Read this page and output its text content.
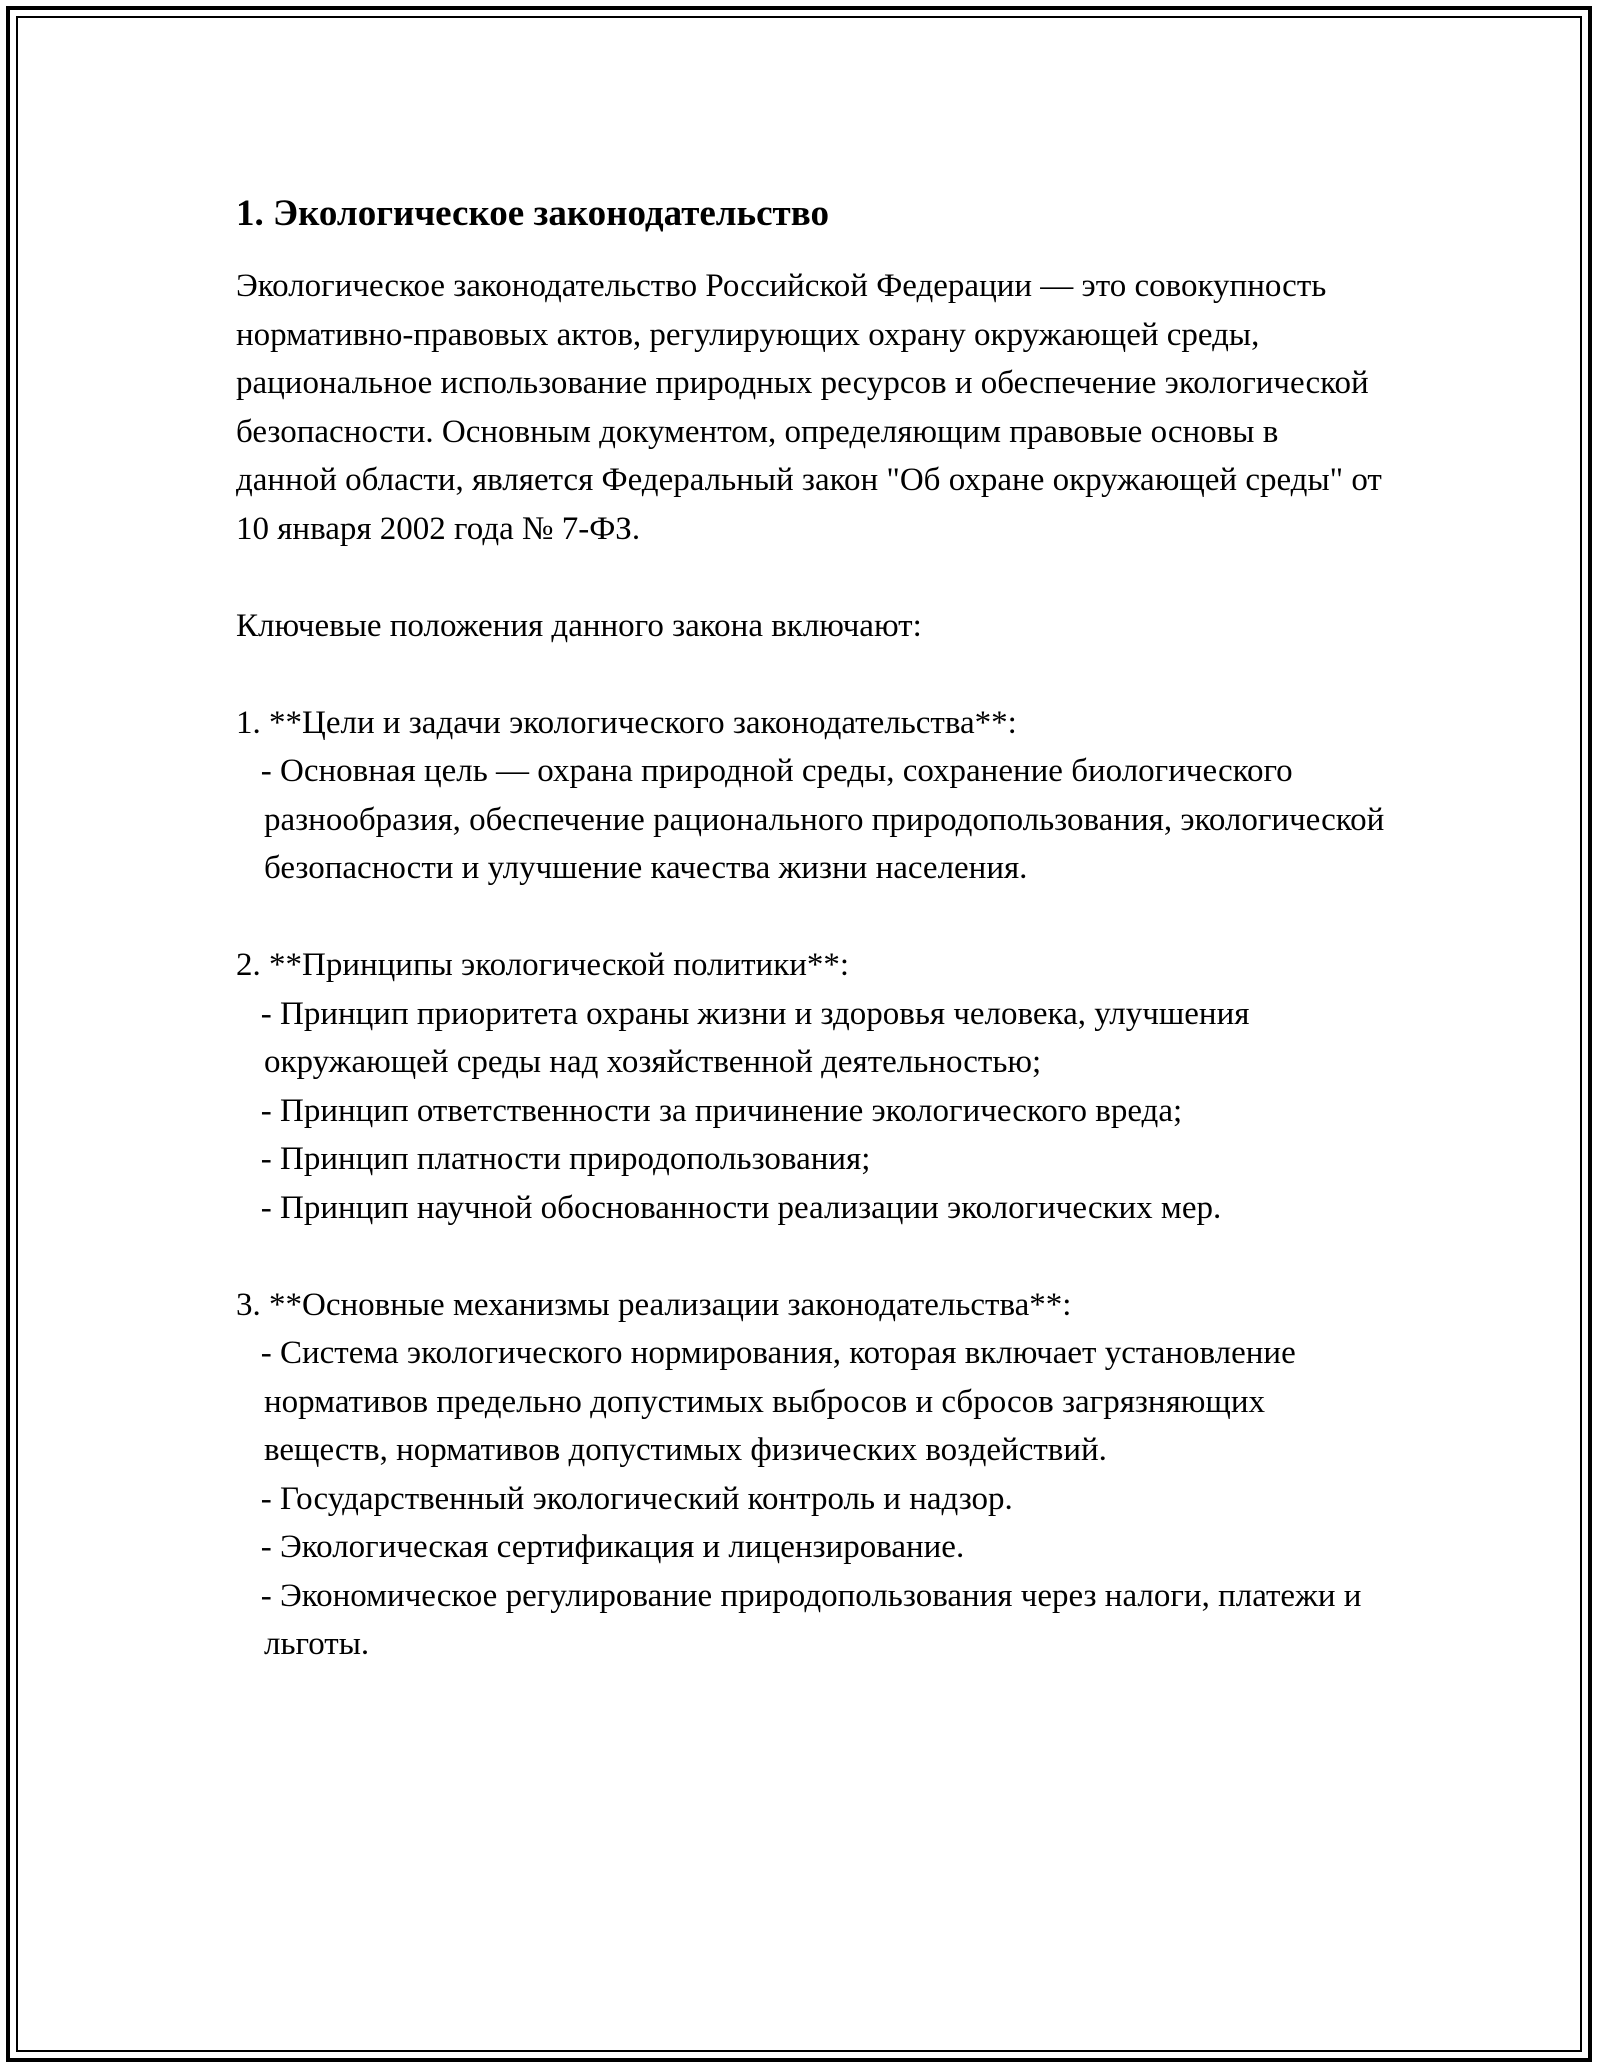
1. Экологическое законодательство

Экологическое законодательство Российской Федерации — это совокупность нормативно-правовых актов, регулирующих охрану окружающей среды, рациональное использование природных ресурсов и обеспечение экологической безопасности. Основным документом, определяющим правовые основы в данной области, является Федеральный закон "Об охране окружающей среды" от 10 января 2002 года № 7-ФЗ.

Ключевые положения данного закона включают:

1. **Цели и задачи экологического законодательства**:
- Основная цель — охрана природной среды, сохранение биологического разнообразия, обеспечение рационального природопользования, экологической безопасности и улучшение качества жизни населения.
2. **Принципы экологической политики**:
- Принцип приоритета охраны жизни и здоровья человека, улучшения окружающей среды над хозяйственной деятельностью;
- Принцип ответственности за причинение экологического вреда;
- Принцип платности природопользования;
- Принцип научной обоснованности реализации экологических мер.
3. **Основные механизмы реализации законодательства**:
- Система экологического нормирования, которая включает установление нормативов предельно допустимых выбросов и сбросов загрязняющих веществ, нормативов допустимых физических воздействий.
- Государственный экологический контроль и надзор.
- Экологическая сертификация и лицензирование.
- Экономическое регулирование природопользования через налоги, платежи и льготы.
